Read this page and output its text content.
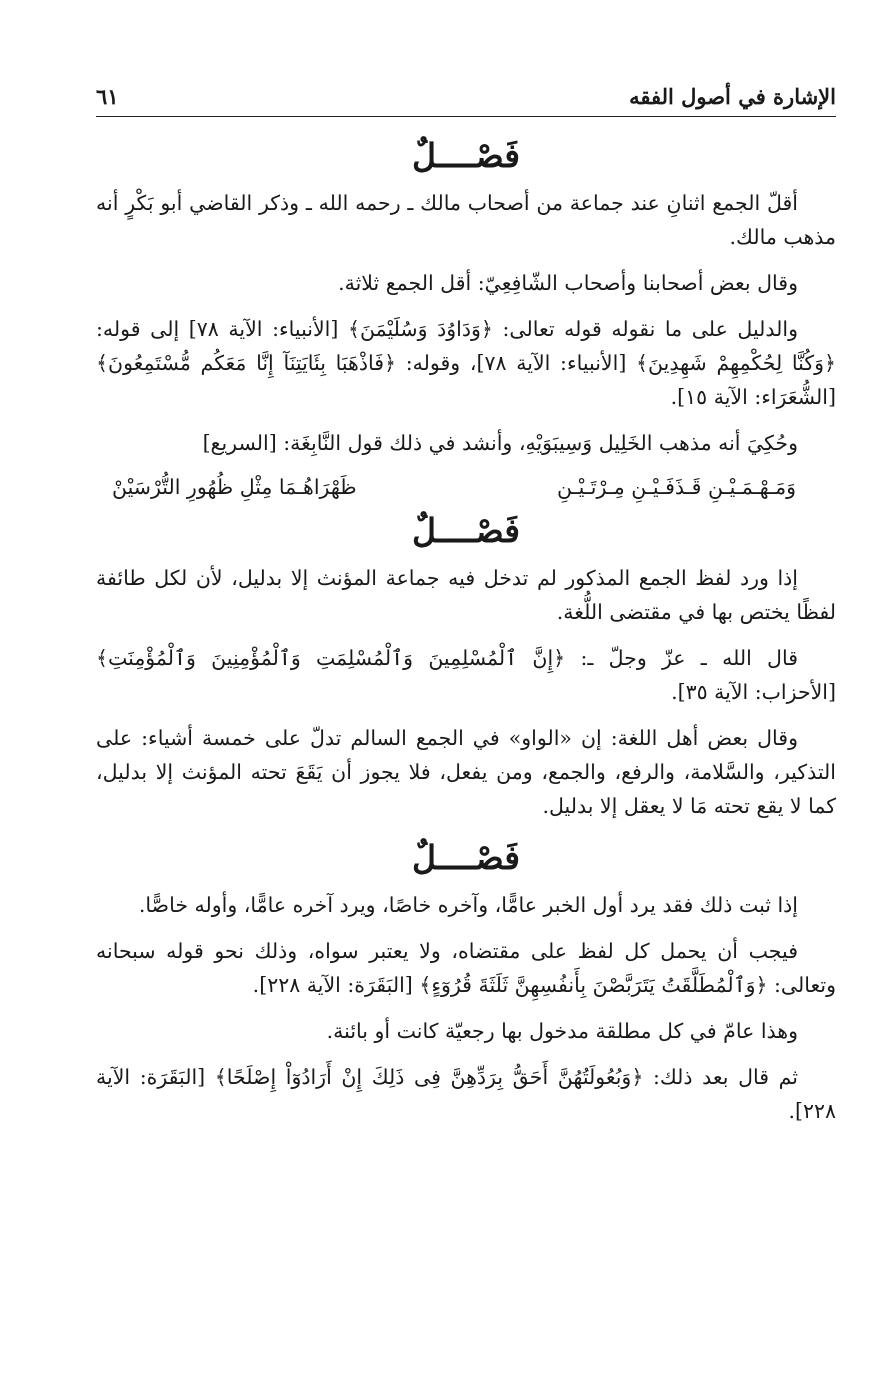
الإشارة في أصول الفقه
٦١
فَصْــــلٌ

أقلّ الجمع اثنانِ عند جماعة من أصحاب مالك ـ رحمه الله ـ وذكر القاضي أبو بَكْرٍ أنه مذهب مالك.

وقال بعض أصحابنا وأصحاب الشّافِعِيّ: أقل الجمع ثلاثة.

والدليل على ما نقوله قوله تعالى: ﴿وَدَاوُدَ وَسُلَيْمَنَ﴾ [الأنبياء: الآية ٧٨] إلى قوله: ﴿وَكُنَّا لِحُكْمِهِمْ شَهِدِينَ﴾ [الأنبياء: الآية ٧٨]، وقوله: ﴿فَاذْهَبَا بِئَايَتِنَآ إِنَّا مَعَكُم مُّسْتَمِعُونَ﴾ [الشُّعَرَاء: الآية ١٥].

وحُكِيَ أنه مذهب الخَلِيل وَسِيبَوَيْهِ، وأنشد في ذلك قول النَّابِغَة: [السريع]

وَمَـهْـمَـيْـنِ قَـذَفَـيْـنِ مِـرْتَـيْـنِ
ظَهْرَاهُـمَا مِثْلِ ظُهُورِ التُّرْسَيْنْ
فَصْــــلٌ

إذا ورد لفظ الجمع المذكور لم تدخل فيه جماعة المؤنث إلا بدليل، لأن لكل طائفة لفظًا يختص بها في مقتضى اللُّغة.

قال الله ـ عزّ وجلّ ـ: ﴿إِنَّ ٱلْمُسْلِمِينَ وَٱلْمُسْلِمَتِ وَٱلْمُؤْمِنِينَ وَٱلْمُؤْمِنَتِ﴾ [الأحزاب: الآية ٣٥].

وقال بعض أهل اللغة: إن «الواو» في الجمع السالم تدلّ على خمسة أشياء: على التذكير، والسَّلامة، والرفع، والجمع، ومن يفعل، فلا يجوز أن يَقَعَ تحته المؤنث إلا بدليل، كما لا يقع تحته مَا لا يعقل إلا بدليل.

فَصْــــلٌ

إذا ثبت ذلك فقد يرد أول الخبر عامًّا، وآخره خاصًا، ويرد آخره عامًّا، وأوله خاصًّا.

فيجب أن يحمل كل لفظ على مقتضاه، ولا يعتبر سواه، وذلك نحو قوله سبحانه وتعالى: ﴿وَٱلْمُطَلَّقَتُ يَتَرَبَّصْنَ بِأَنفُسِهِنَّ ثَلَثَةَ قُرُوٓءٍ﴾ [البَقَرَة: الآية ٢٢٨].

وهذا عامّ في كل مطلقة مدخول بها رجعيّة كانت أو بائنة.

ثم قال بعد ذلك: ﴿وَبُعُولَتُهُنَّ أَحَقُّ بِرَدِّهِنَّ فِى ذَلِكَ إِنْ أَرَادُوٓاْ إِصْلَحًا﴾ [البَقَرَة: الآية ٢٢٨].
